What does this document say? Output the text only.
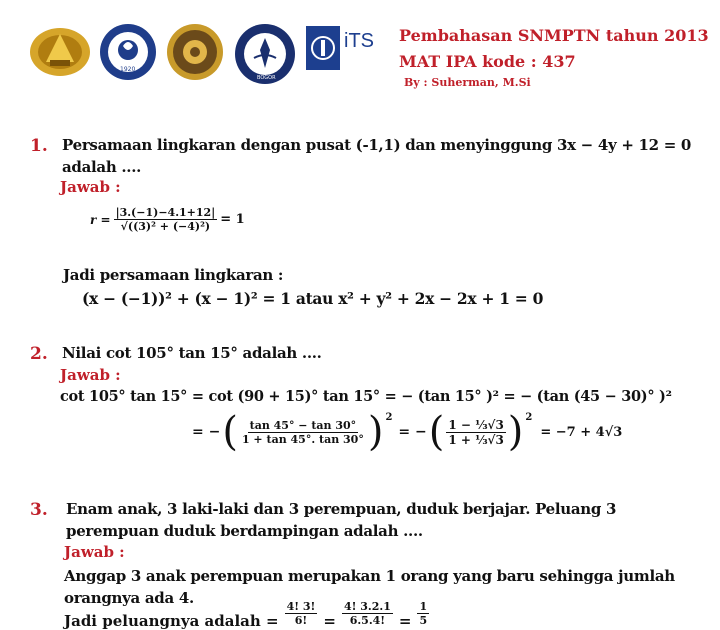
1920
BOGOR
iTS Pembahasan SNMPTN tahun 2013
MAT IPA kode : 437
By : Suherman, M.Si
1. Persamaan lingkaran dengan pusat (-1,1) dan menyinggung 3x − 4y + 12 = 0
adalah ....
Jawab :
$r = \frac{|3.(-1)-4.1+12|}{\text{√((3)² + (−4)²)}} = 1$
Jadi persamaan lingkaran :
(x − (−1))² + (x − 1)² = 1 atau x² + y² + 2x − 2x + 1 = 0
2. Nilai cot 105° tan 15° adalah ....
Jawab :
cot 105° tan 15° = cot (90 + 15)° tan 15° = − (tan 15° )² = − (tan (45 − 30)° )²
= − ( $\frac{\tan 45^\circ - \tan 30^\circ}{1 + \tan 45^\circ. \tan 30^\circ} )^2$
= − ( $\frac{\text{1 − ⅓√3}}{\text{1 + ⅓√3}} )^2$
= −7 + 4√3
3. Enam anak, 3 laki-laki dan 3 perempuan, duduk berjajar. Peluang 3
perempuan duduk berdampingan adalah ....
Jawab :
Anggap 3 anak perempuan merupakan 1 orang yang baru sehingga jumlah
orangnya ada 4.
Jadi peluangnya adalah = $\frac{4! 3!}{6!} = \frac{4! 3.2.1}{6.5.4!} = \frac{1}{5}$
